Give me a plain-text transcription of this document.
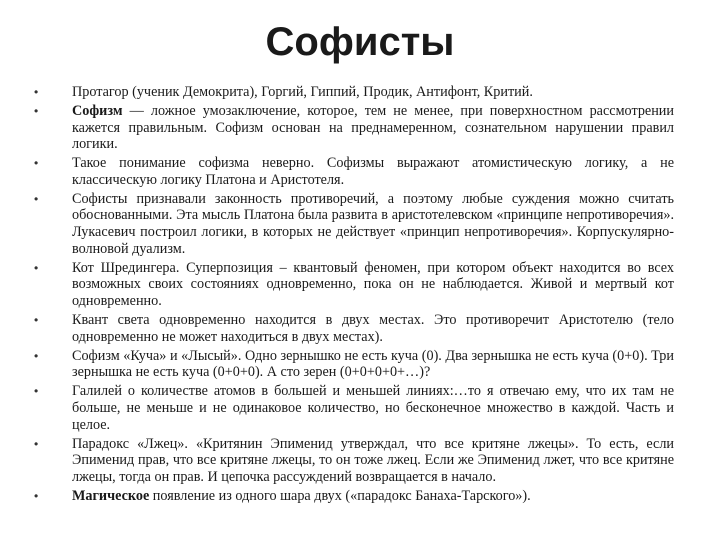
Софисты
•	Протагор (ученик Демокрита), Горгий, Гиппий, Продик, Антифонт, Критий.
•	Софизм — ложное умозаключение, которое, тем не менее, при поверхностном рассмотрении кажется правильным. Софизм основан на преднамеренном, сознательном нарушении правил логики.
•	Такое понимание софизма неверно. Софизмы выражают атомистическую логику, а не классическую логику Платона и Аристотеля.
•	Софисты признавали законность противоречий, а поэтому любые суждения можно считать обоснованными. Эта мысль Платона была развита в аристотелевском «принципе непротиворечия». Лукасевич построил логики, в которых не действует «принцип непротиворечия». Корпускулярно-волновой дуализм.
•	Кот Шредингера. Суперпозиция – квантовый феномен, при котором объект находится во всех возможных своих состояниях одновременно, пока он не наблюдается. Живой и мертвый кот одновременно.
•	Квант света одновременно находится в двух местах. Это противоречит Аристотелю (тело одновременно не может находиться в двух местах).
•	Софизм «Куча» и «Лысый». Одно зернышко не есть куча (0). Два зернышка не есть куча (0+0). Три зернышка не есть куча (0+0+0). А сто зерен (0+0+0+0+…)?
•	Галилей о количестве атомов в большей и меньшей линиях:…то я отвечаю ему, что их там не больше, не меньше и не одинаковое количество, но бесконечное множество в каждой. Часть и целое.
•	Парадокс «Лжец». «Критянин Эпименид утверждал, что все критяне лжецы». То есть, если Эпименид прав, что все критяне лжецы, то он тоже лжец. Если же Эпименид лжет, что все критяне лжецы, тогда он прав. И цепочка рассуждений возвращается в начало.
•	Магическое появление из одного шара двух («парадокс Банаха-Тарского»).
